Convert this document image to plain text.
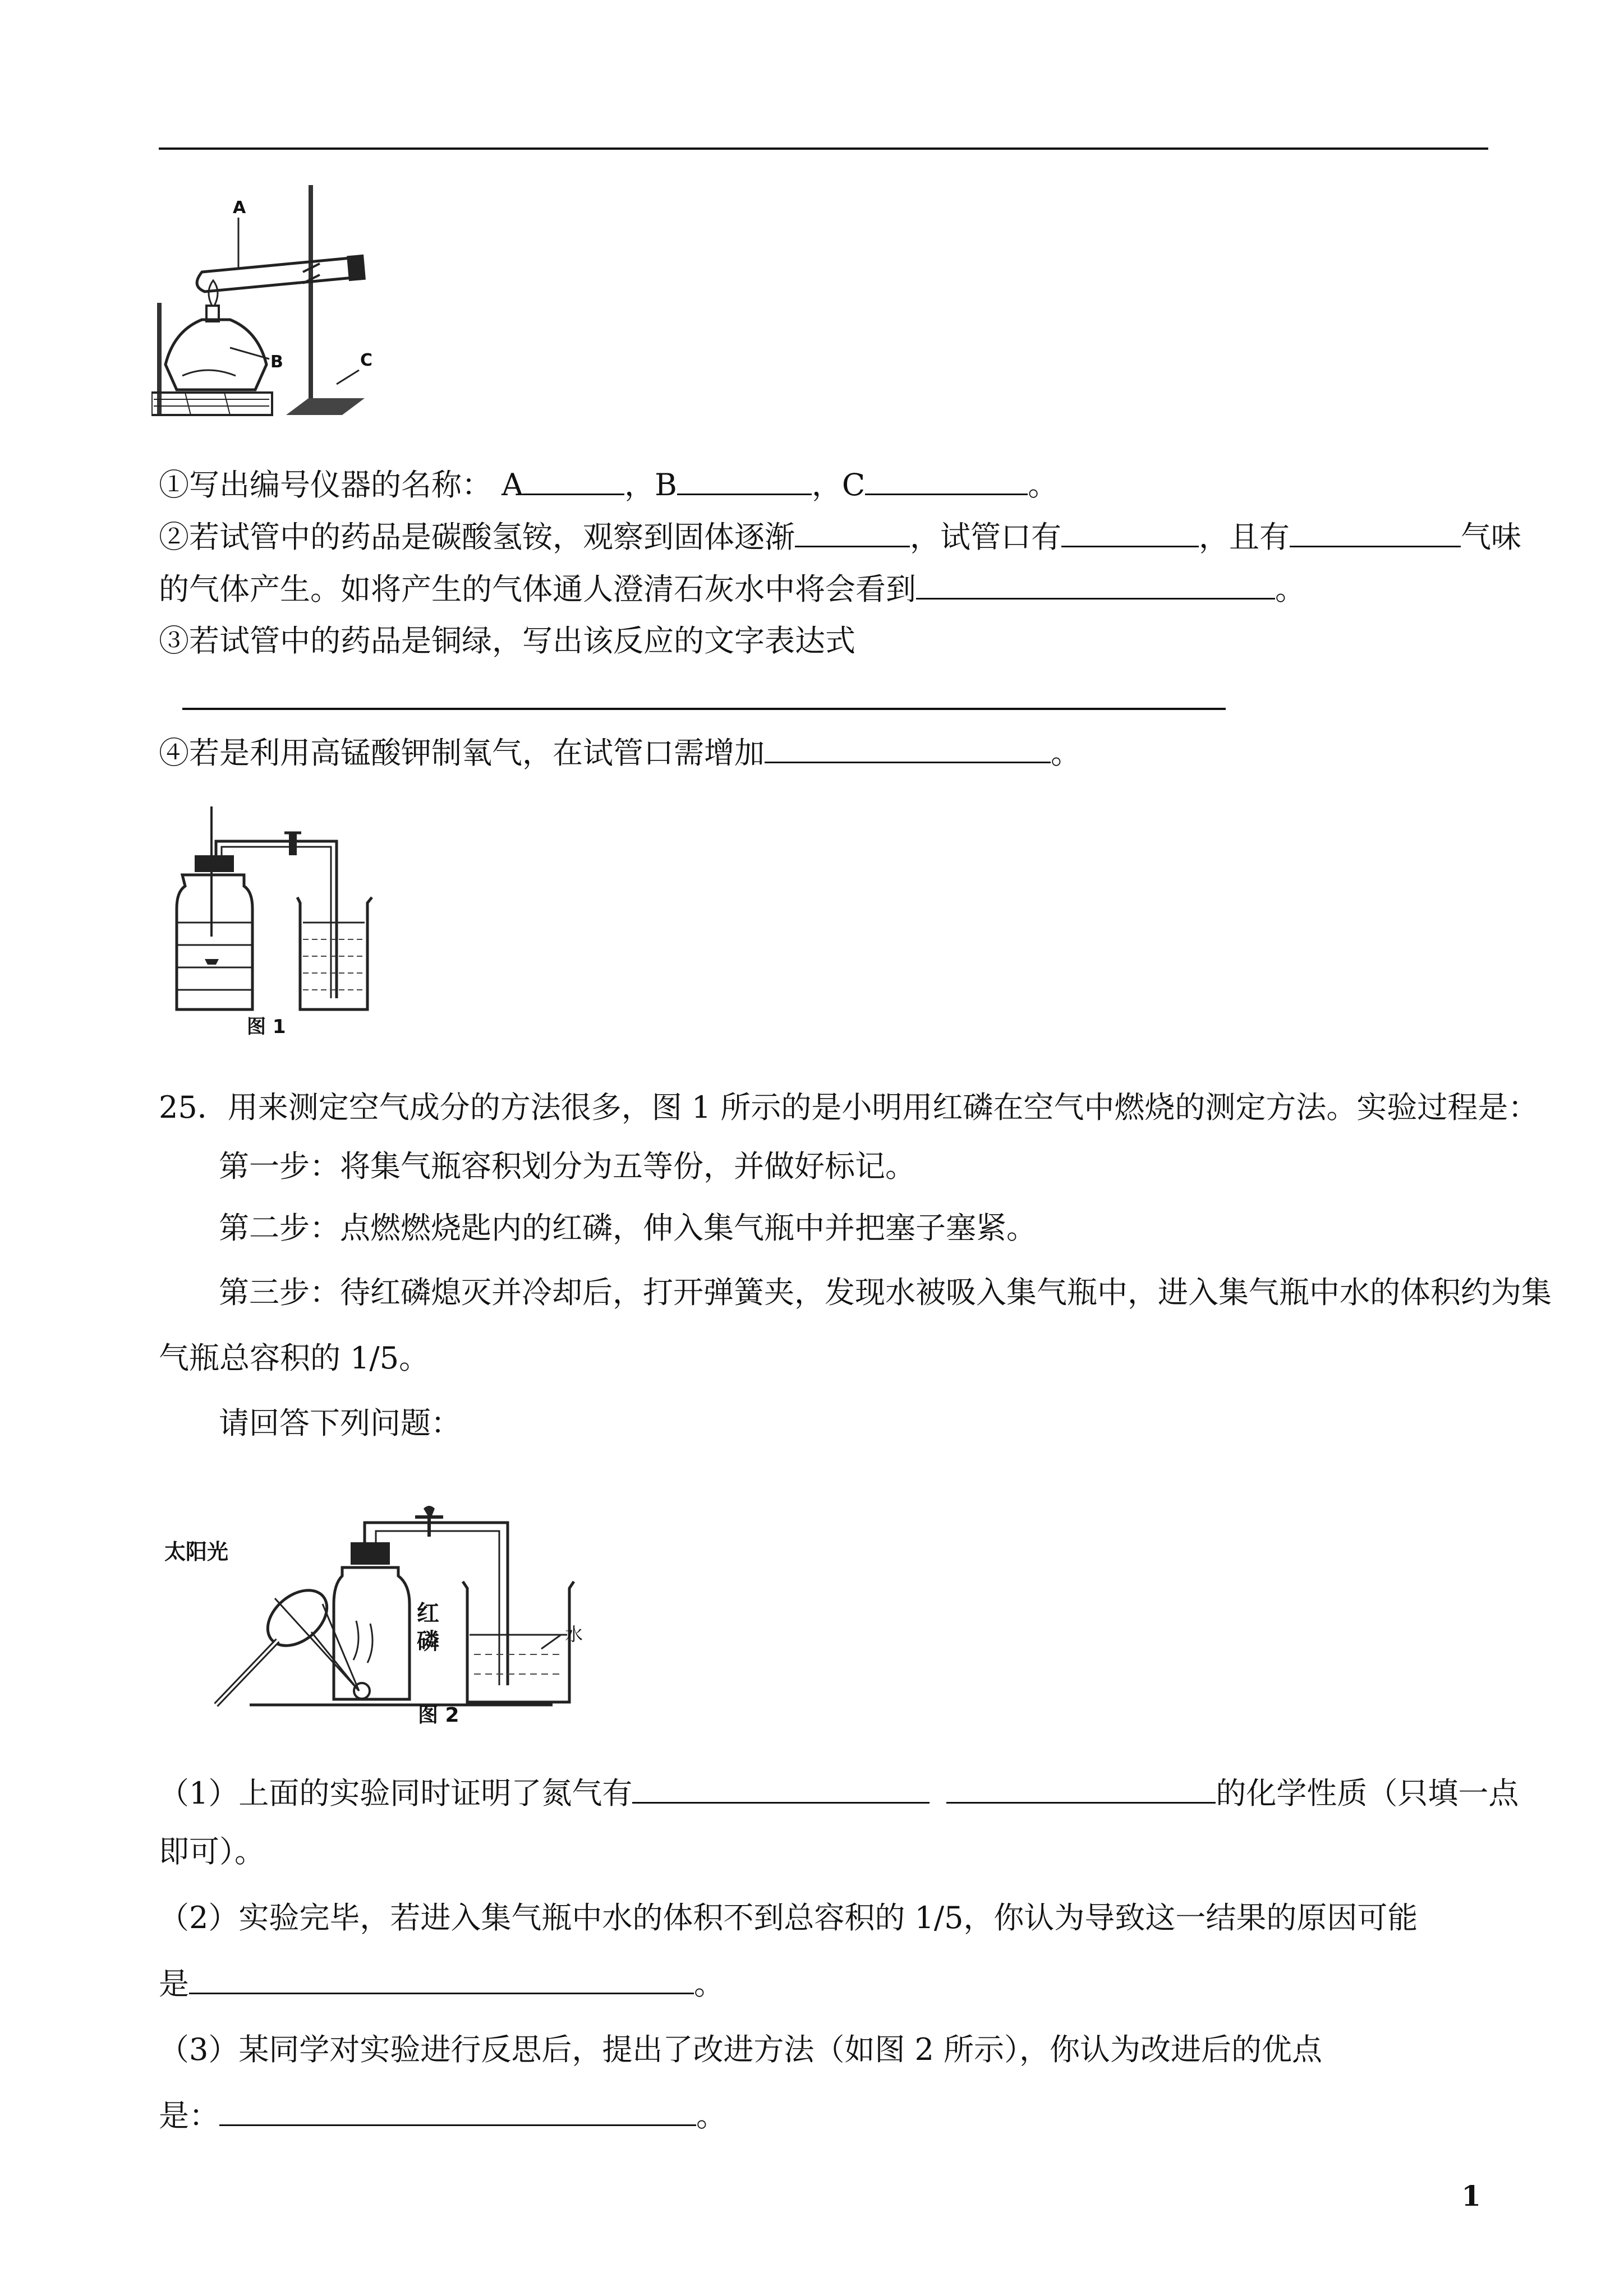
A
B	C
①写出编号仪器的名称： A	，B	，C	。
②若试管中的药品是碳酸氢铵，观察到固体逐渐	，试管口有	，且有	气味
的气体产生。如将产生的气体通人澄清石灰水中将会看到	。
③若试管中的药品是铜绿，写出该反应的文字表达式
④若是利用高锰酸钾制氧气，在试管口需增加	。
图 1
25．用来测定空气成分的方法很多，图 1 所示的是小明用红磷在空气中燃烧的测定方法。实验过程是：
第一步：将集气瓶容积划分为五等份，并做好标记。
第二步：点燃燃烧匙内的红磷，伸入集气瓶中并把塞子塞紧。
第三步：待红磷熄灭并冷却后，打开弹簧夹，发现水被吸入集气瓶中，进入集气瓶中水的体积约为集
气瓶总容积的 1/5。
请回答下列问题：
太阳光
红
磷	水
图 2
（1）上面的实验同时证明了氮气有	的化学性质（只填一点
即可）。
（2）实验完毕，若进入集气瓶中水的体积不到总容积的 1/5，你认为导致这一结果的原因可能
是	。
（3）某同学对实验进行反思后，提出了改进方法（如图 2 所示），你认为改进后的优点
是：	。
1
